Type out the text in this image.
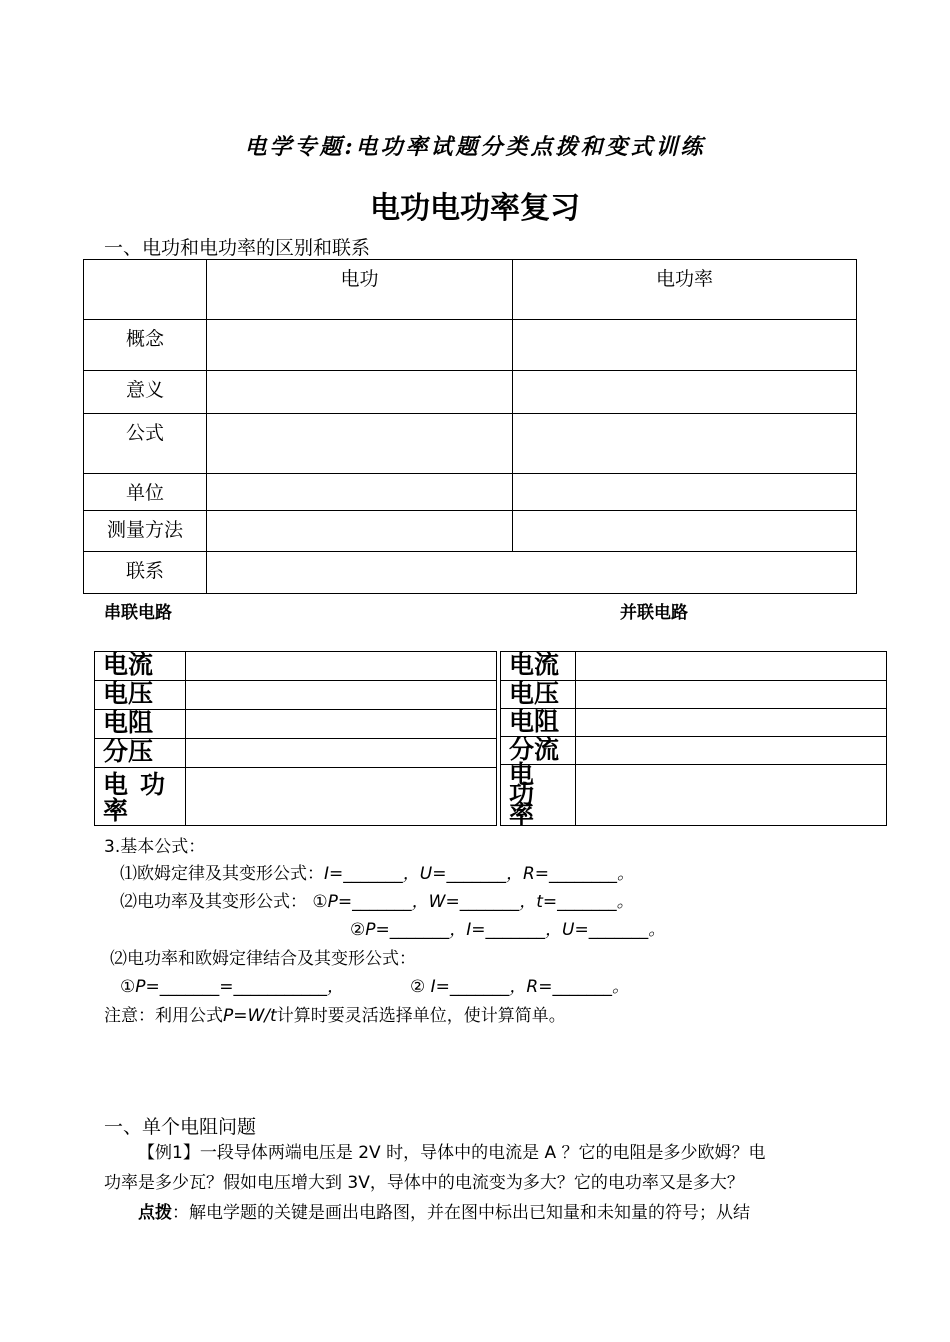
电学专题:电功率试题分类点拨和变式训练
电功电功率复习
一、电功和电功率的区别和联系
	电功	电功率
概念		
意义		
公式		
单位		
测量方法		
联系		
串联电路	并联电路
电流	
电压	
电阻	
分压	
电功率	
电流	
电压	
电阻	
分流	
电功率	
3.基本公式：
⑴欧姆定律及其变形公式：I=_______，U=_______，R=________。
⑵电功率及其变形公式： ①P=_______，W=_______，t=_______。
②P=_______，I=_______，U=_______。
⑵电功率和欧姆定律结合及其变形公式：
①P=_______=___________，	② I=_______，R=_______。
注意：利用公式P=W/t计算时要灵活选择单位，使计算简单。
一、单个电阻问题
【例1】一段导体两端电压是 2V 时，导体中的电流是 A ？它的电阻是多少欧姆？电
功率是多少瓦？假如电压增大到 3V，导体中的电流变为多大？它的电功率又是多大？
点拨：解电学题的关键是画出电路图，并在图中标出已知量和未知量的符号；从结
